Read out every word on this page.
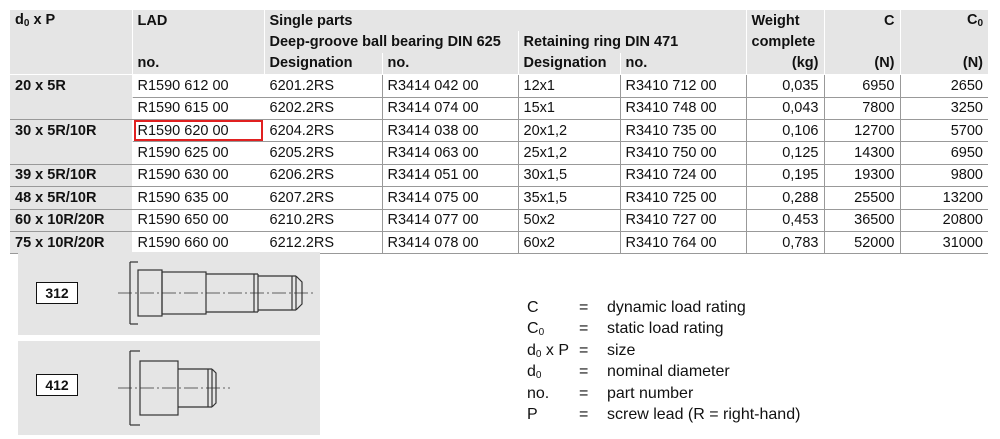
$d_0$ x P	LAD	Single parts				Weight	C	$C_0$
		Deep-groove ball bearing DIN 625		Retaining ring DIN 471		complete		
	no.	Designation	no.	Designation	no.	(kg)	(N)	(N)
20 x 5R	R1590 612 00	6201.2RS	R3414 042 00	12x1	R3410 712 00	0,035	6950	2650
	R1590 615 00	6202.2RS	R3414 074 00	15x1	R3410 748 00	0,043	7800	3250
30 x 5R/10R	R1590 620 00	6204.2RS	R3414 038 00	20x1,2	R3410 735 00	0,106	12700	5700
	R1590 625 00	6205.2RS	R3414 063 00	25x1,2	R3410 750 00	0,125	14300	6950
39 x 5R/10R	R1590 630 00	6206.2RS	R3414 051 00	30x1,5	R3410 724 00	0,195	19300	9800
48 x 5R/10R	R1590 635 00	6207.2RS	R3414 075 00	35x1,5	R3410 725 00	0,288	25500	13200
60 x 10R/20R	R1590 650 00	6210.2RS	R3414 077 00	50x2	R3410 727 00	0,453	36500	20800
75 x 10R/20R	R1590 660 00	6212.2RS	R3414 078 00	60x2	R3410 764 00	0,783	52000	31000
312
412
C	= dynamic load rating
$C_0$ = static load rating
$d_0$ x P = size
$d_0$ = nominal diameter
no. = part number
P	= screw lead (R = right-hand)
